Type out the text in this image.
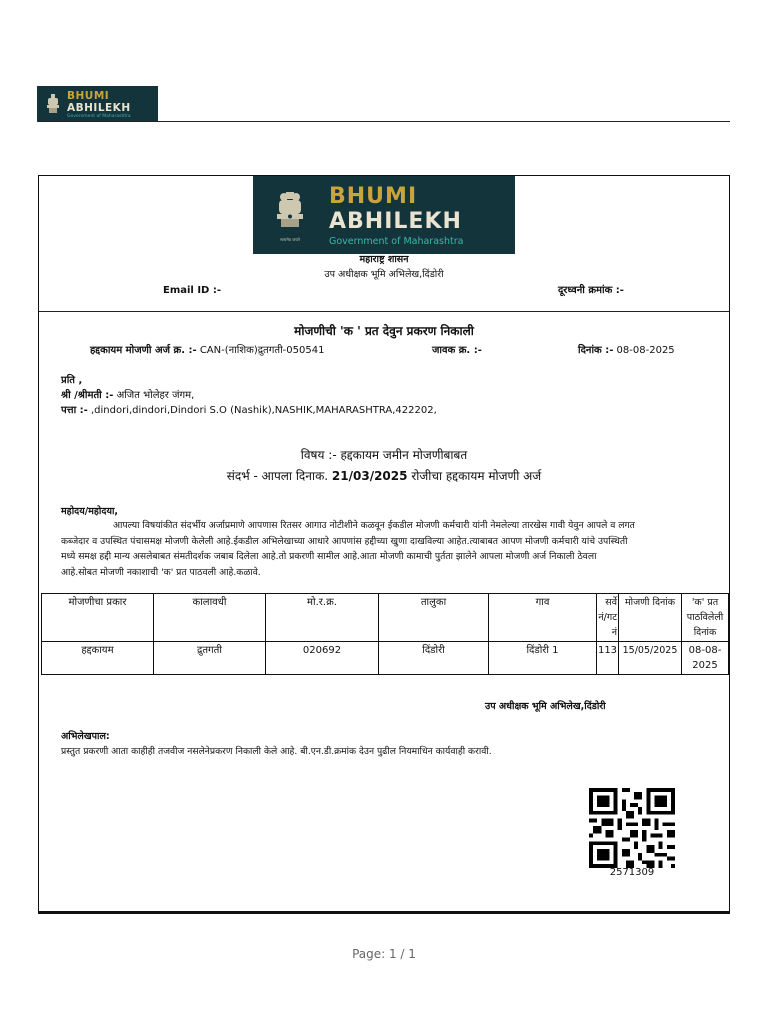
BHUMI ABHILEKH
Government of Maharashtra
सत्यमेव जयते
BHUMI ABHILEKH
Government of Maharashtra
महाराष्ट्र शासन
उप अधीक्षक भूमि अभिलेख,दिंडोरी
Email ID :-	दूरध्वनी क्रमांक :-
मोजणीची 'क ' प्रत देवुन प्रकरण निकाली
हद्दकायम मोजणी अर्ज क्र. :- CAN-(नाशिक)द्रुतगती-050541	जावक क्र. :-	दिनांक :- 08-08-2025
प्रति ,
श्री /श्रीमती :- अजित भोलेहर जंगम,
पत्ता :- ,dindori,dindori,Dindori S.O (Nashik),NASHIK,MAHARASHTRA,422202,
विषय :- हद्दकायम जमीन मोजणीबाबत
संदर्भ - आपला दिनाक. 21/03/2025 रोजीचा हद्दकायम मोजणी अर्ज
महोदय/महोदया,
आपल्या विषयांकीत संदर्भीय अर्जाप्रमाणे आपणास रितसर आगाउ नोटीशीने कळवून ईकडील मोजणी कर्मचारी यांनी नेमलेल्या तारखेस गावी येवुन आपले व लगत
कब्जेदार व उपस्थित पंचासमक्ष मोजणी केलेली आहे.ईकडील अभिलेखाच्या आधारे आपणांस हद्दीच्या खुणा दाखविल्या आहेत.त्याबाबत आपण मोजणी कर्मचारी यांचे उपस्थिती
मध्ये समक्ष हद्दी मान्य असलेबाबत संमतीदर्शक जबाब दिलेला आहे.तो प्रकरणी सामील आहे.आता मोजणी कामाची पुर्तता झालेने आपला मोजणी अर्ज निकाली ठेवला
आहे.सोबत मोजणी नकाशाची 'क' प्रत पाठवली आहे.कळावे.
मोजणीचा प्रकार	कालावधी	मो.र.क्र.	तालुका	गाव	सर्वे नं/गट नं	मोजणी दिनांक	'क' प्रत पाठविलेली दिनांक
हद्दकायम	द्रुतगती	020692	दिंडोरी	दिंडोरी 1	113	15/05/2025	08-08-2025
उप अधीक्षक भूमि अभिलेख,दिंडोरी
अभिलेखपाल:
प्रस्तुत प्रकरणी आता काहीही तजवीज नसलेनेप्रकरण निकाली केले आहे. बी.एन.डी.क्रमांक देउन पुढील नियमाधिन कार्यवाही करावी.
2571309
Page: 1 / 1
